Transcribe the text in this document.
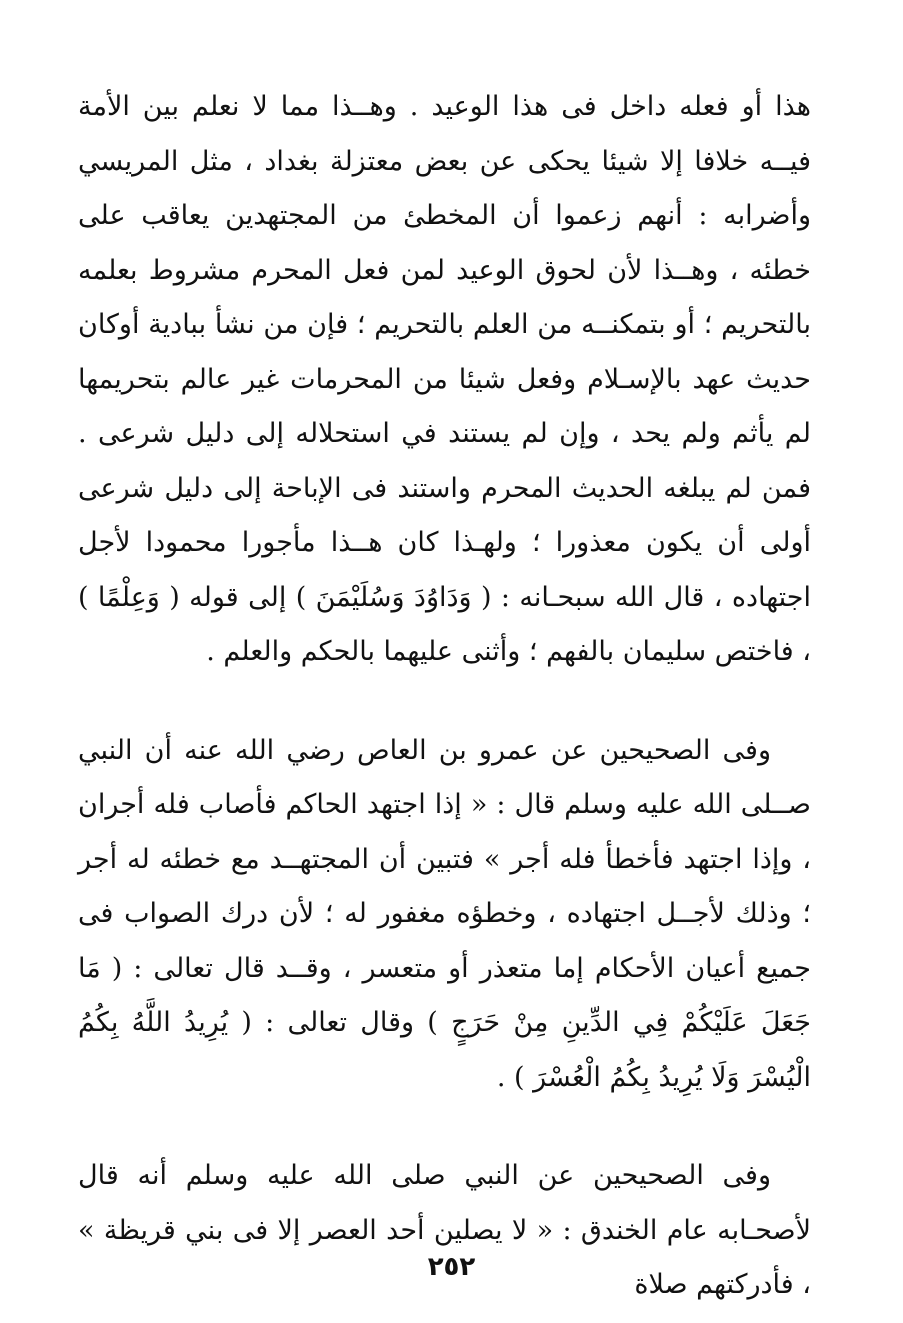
هذا أو فعله داخل فى هذا الوعيد . وهــذا مما لا نعلم بين الأمة فيــه خلافا إلا شيئا يحكى عن بعض معتزلة بغداد ، مثل المريسي وأضرابه : أنهم زعموا أن المخطئ من المجتهدين يعاقب على خطئه ، وهــذا لأن لحوق الوعيد لمن فعل المحرم مشروط بعلمه بالتحريم ؛ أو بتمكنــه من العلم بالتحريم ؛ فإن من نشأ ببادية أوكان حديث عهد بالإسـلام وفعل شيئا من المحرمات غير عالم بتحريمها لم يأثم ولم يحد ، وإن لم يستند في استحلاله إلى دليل شرعى . فمن لم يبلغه الحديث المحرم واستند فى الإباحة إلى دليل شرعى أولى أن يكون معذورا ؛ ولهـذا كان هــذا مأجورا محمودا لأجل اجتهاده ، قال الله سبحـانه : ( وَدَاوُدَ وَسُلَيْمَنَ ) إلى قوله ( وَعِلْمًا ) ، فاختص سليمان بالفهم ؛ وأثنى عليهما بالحكم والعلم .

وفى الصحيحين عن عمرو بن العاص رضي الله عنه أن النبي صــلى الله عليه وسلم قال : « إذا اجتهد الحاكم فأصاب فله أجران ، وإذا اجتهد فأخطأ فله أجر » فتبين أن المجتهــد مع خطئه له أجر ؛ وذلك لأجــل اجتهاده ، وخطؤه مغفور له ؛ لأن درك الصواب فى جميع أعيان الأحكام إما متعذر أو متعسر ، وقــد قال تعالى : ( مَا جَعَلَ عَلَيْكُمْ فِي الدِّينِ مِنْ حَرَجٍ ) وقال تعالى : ( يُرِيدُ اللَّهُ بِكُمُ الْيُسْرَ وَلَا يُرِيدُ بِكُمُ الْعُسْرَ ) .

وفى الصحيحين عن النبي صلى الله عليه وسلم أنه قال لأصحـابه عام الخندق : « لا يصلين أحد العصر إلا فى بني قريظة » ، فأدركتهم صلاة

٢٥٢
